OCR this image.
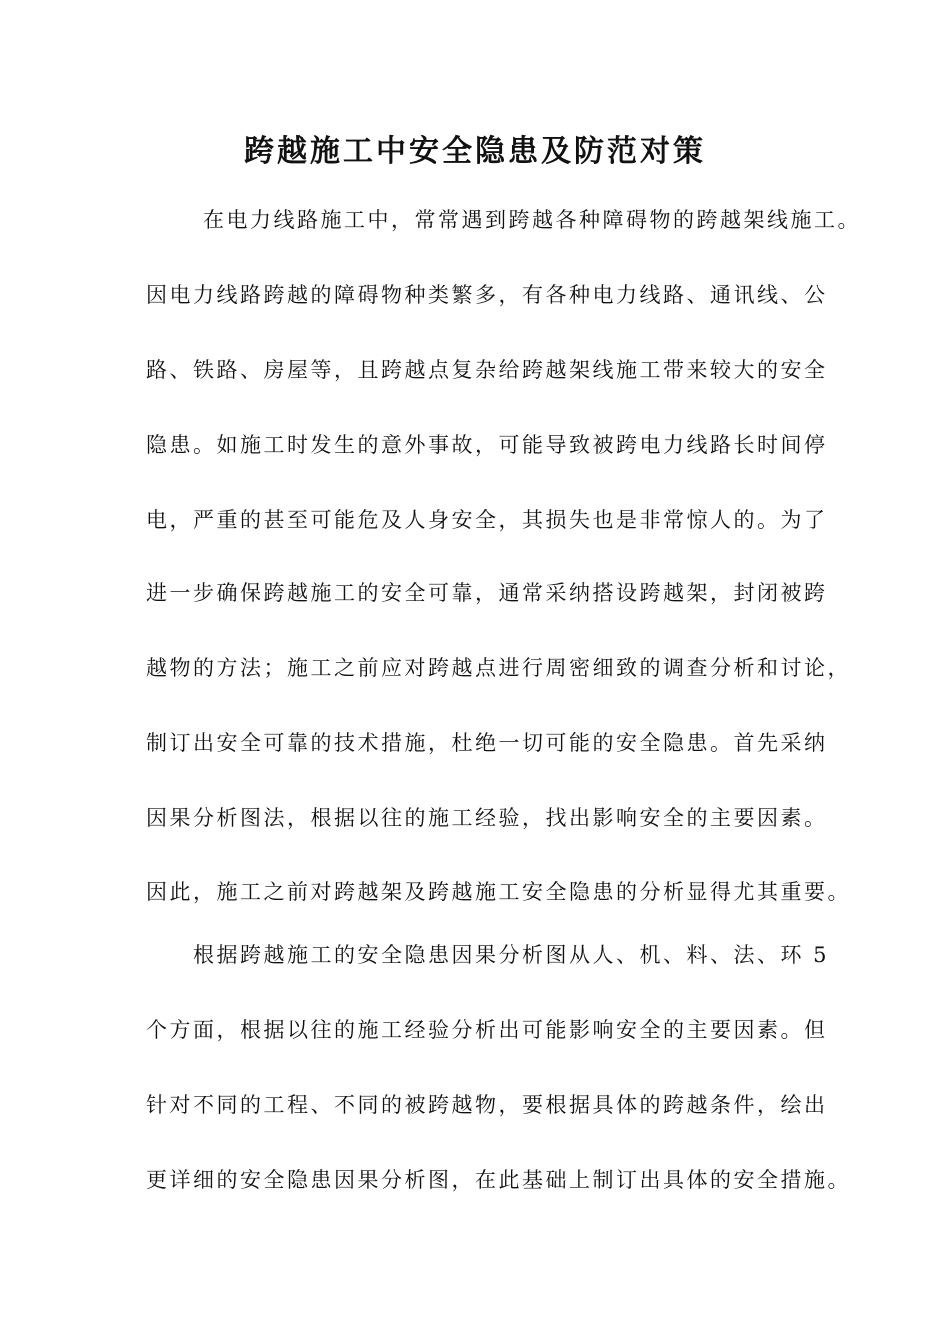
跨越施工中安全隐患及防范对策
在电力线路施工中，常常遇到跨越各种障碍物的跨越架线施工。
因电力线路跨越的障碍物种类繁多，有各种电力线路、通讯线、公
路、铁路、房屋等，且跨越点复杂给跨越架线施工带来较大的安全
隐患。如施工时发生的意外事故，可能导致被跨电力线路长时间停
电，严重的甚至可能危及人身安全，其损失也是非常惊人的。为了
进一步确保跨越施工的安全可靠，通常采纳搭设跨越架，封闭被跨
越物的方法；施工之前应对跨越点进行周密细致的调查分析和讨论，
制订出安全可靠的技术措施，杜绝一切可能的安全隐患。首先采纳
因果分析图法，根据以往的施工经验，找出影响安全的主要因素。
因此，施工之前对跨越架及跨越施工安全隐患的分析显得尤其重要。
根据跨越施工的安全隐患因果分析图从人、机、料、法、环 5
个方面，根据以往的施工经验分析出可能影响安全的主要因素。但
针对不同的工程、不同的被跨越物，要根据具体的跨越条件，绘出
更详细的安全隐患因果分析图，在此基础上制订出具体的安全措施。
